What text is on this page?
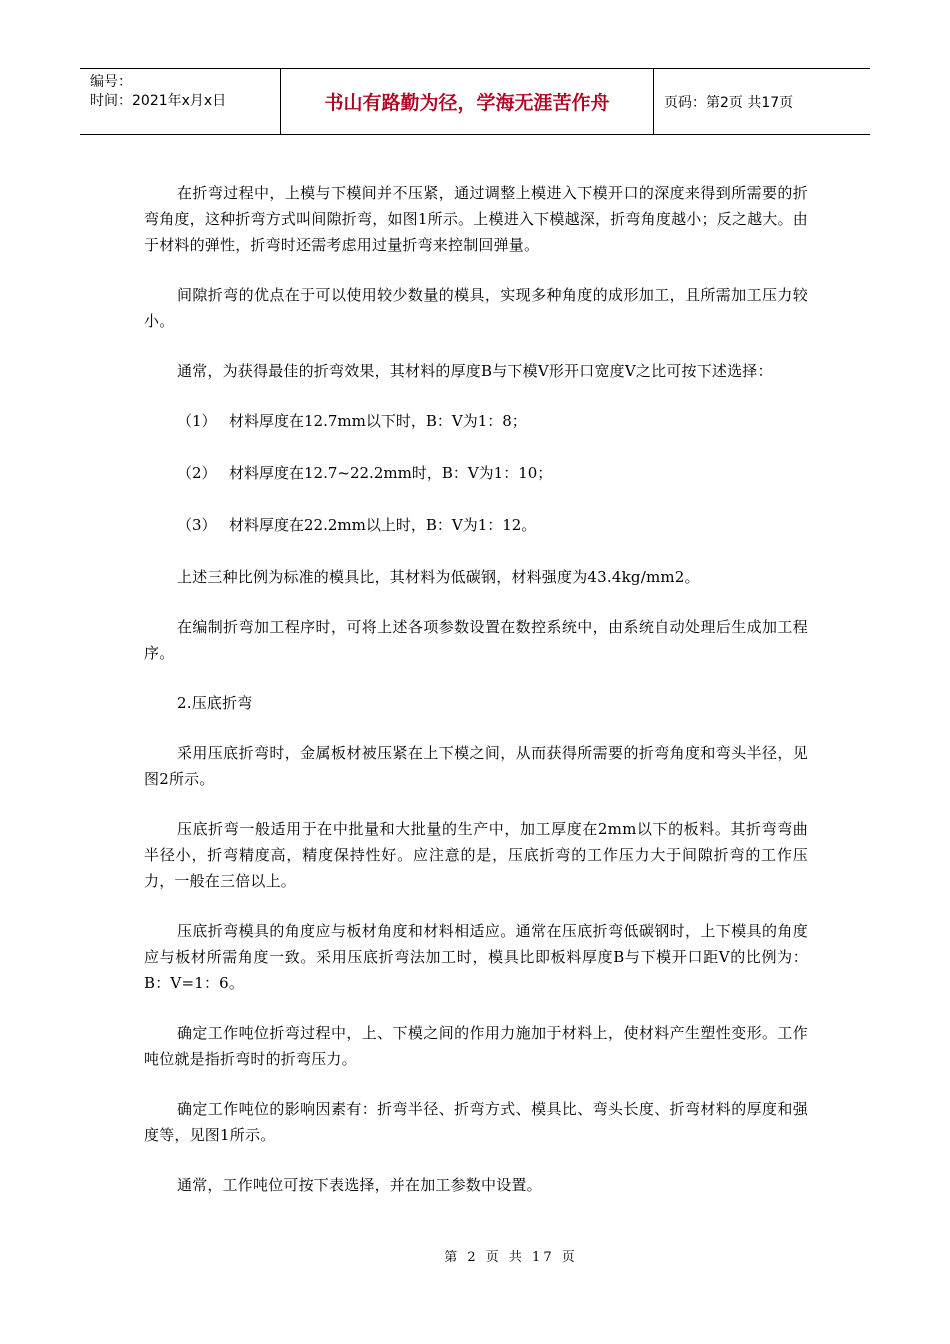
编号：
时间：2021年x月x日	书山有路勤为径，学海无涯苦作舟	页码：第2页 共17页

在折弯过程中，上模与下模间并不压紧，通过调整上模进入下模开口的深度来得到所需要的折弯角度，这种折弯方式叫间隙折弯，如图1所示。上模进入下模越深，折弯角度越小；反之越大。由于材料的弹性，折弯时还需考虑用过量折弯来控制回弹量。

间隙折弯的优点在于可以使用较少数量的模具，实现多种角度的成形加工，且所需加工压力较小。

通常，为获得最佳的折弯效果，其材料的厚度B与下模V形开口宽度V之比可按下述选择：

（1） 材料厚度在12.7mm以下时，B：V为1：8；
（2） 材料厚度在12.7~22.2mm时，B：V为1：10；
（3） 材料厚度在22.2mm以上时，B：V为1：12。

上述三种比例为标准的模具比，其材料为低碳钢，材料强度为43.4kg/mm2。

在编制折弯加工程序时，可将上述各项参数设置在数控系统中，由系统自动处理后生成加工程序。

2.压底折弯

采用压底折弯时，金属板材被压紧在上下模之间，从而获得所需要的折弯角度和弯头半径，见图2所示。

压底折弯一般适用于在中批量和大批量的生产中，加工厚度在2mm以下的板料。其折弯弯曲半径小，折弯精度高，精度保持性好。应注意的是，压底折弯的工作压力大于间隙折弯的工作压力，一般在三倍以上。

压底折弯模具的角度应与板材角度和材料相适应。通常在压底折弯低碳钢时，上下模具的角度应与板材所需角度一致。采用压底折弯法加工时，模具比即板料厚度B与下模开口距V的比例为：B：V=1：6。

确定工作吨位折弯过程中，上、下模之间的作用力施加于材料上，使材料产生塑性变形。工作吨位就是指折弯时的折弯压力。

确定工作吨位的影响因素有：折弯半径、折弯方式、模具比、弯头长度、折弯材料的厚度和强度等，见图1所示。

通常，工作吨位可按下表选择，并在加工参数中设置。

第 2 页 共 17 页
